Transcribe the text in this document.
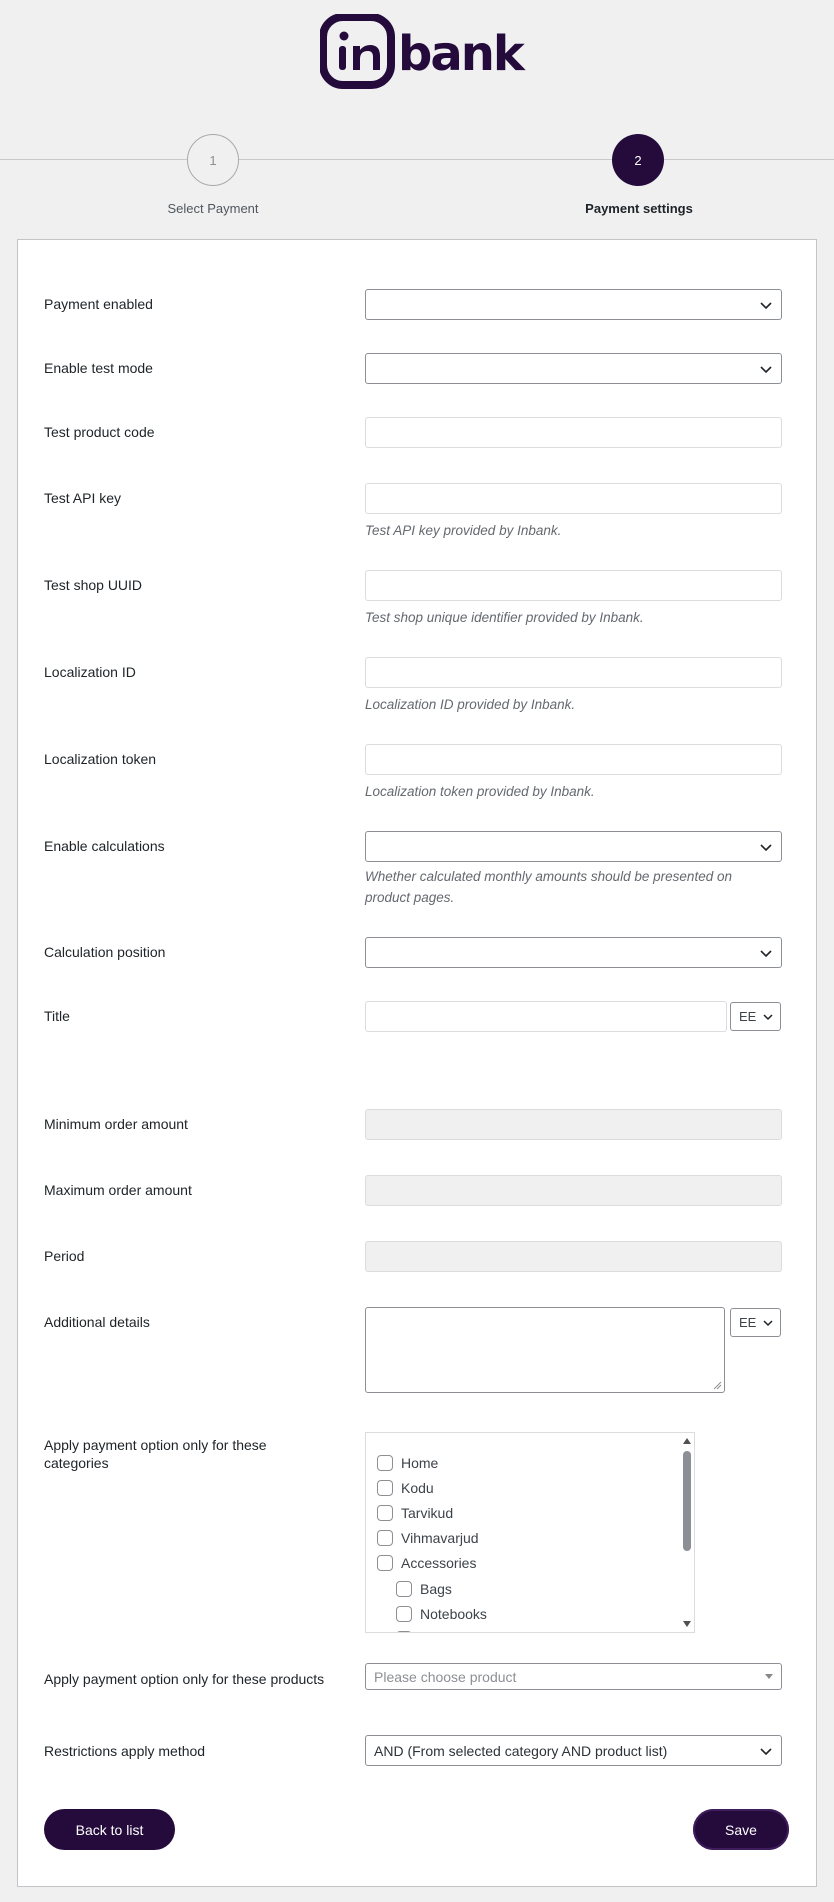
bank
1	2
Select Payment	Payment settings
Payment enabled
Enable test mode
Test product code
Test API key
Test API key provided by Inbank.
Test shop UUID
Test shop unique identifier provided by Inbank.
Localization ID
Localization ID provided by Inbank.
Localization token
Localization token provided by Inbank.
Enable calculations
Whether calculated monthly amounts should be presented on product pages.
Calculation position
Title	EE
Minimum order amount
Maximum order amount
Period
Additional details	EE
Apply payment option only for these categories	Home
Kodu
Tarvikud
Vihmavarjud
Accessories
Bags
Notebooks
Apply payment option only for these products	Please choose product
Restrictions apply method	AND (From selected category AND product list)
Back to list	Save
